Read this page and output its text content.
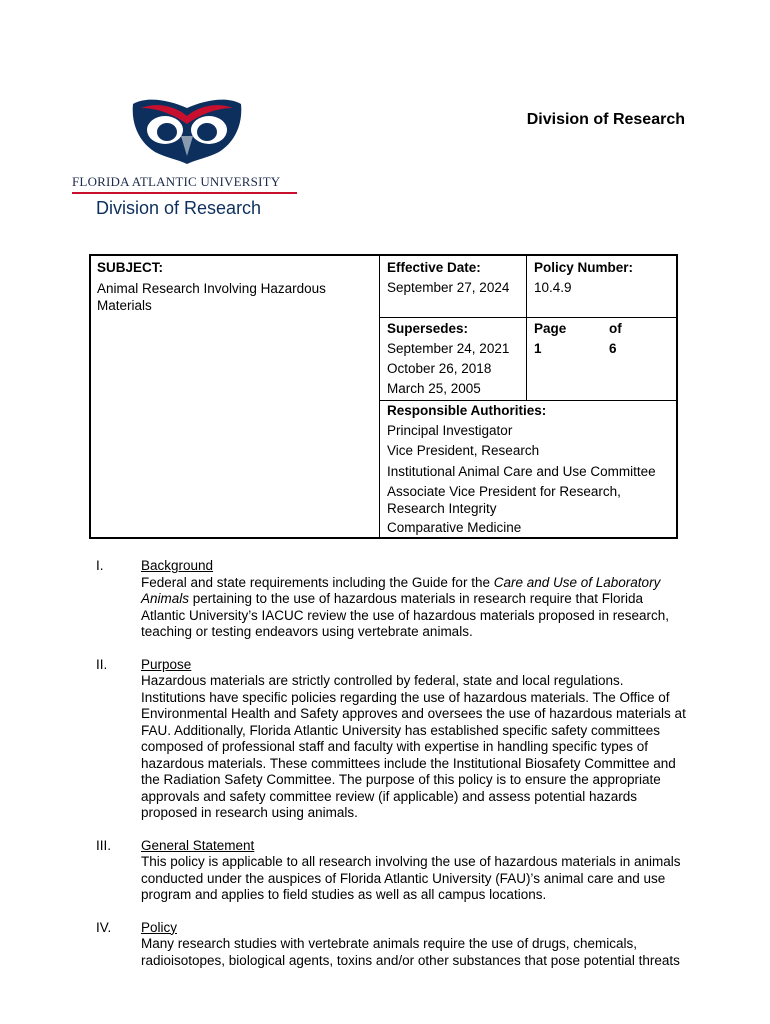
FLORIDA ATLANTIC UNIVERSITY
Division of Research
Division of Research
SUBJECT:
Animal Research Involving Hazardous Materials
Effective Date:
September 27, 2024
Policy Number:
10.4.9
Supersedes:
September 24, 2021
October 26, 2018
March 25, 2005
Page	of
1	6
Responsible Authorities:
Principal Investigator
Vice President, Research
Institutional Animal Care and Use Committee
Associate Vice President for Research, Research Integrity
Comparative Medicine
I.	Background

Federal and state requirements including the Guide for the Care and Use of Laboratory Animals pertaining to the use of hazardous materials in research require that Florida Atlantic University’s IACUC review the use of hazardous materials proposed in research, teaching or testing endeavors using vertebrate animals.

II. Purpose

Hazardous materials are strictly controlled by federal, state and local regulations. Institutions have specific policies regarding the use of hazardous materials. The Office of Environmental Health and Safety approves and oversees the use of hazardous materials at FAU. Additionally, Florida Atlantic University has established specific safety committees composed of professional staff and faculty with expertise in handling specific types of hazardous materials. These committees include the Institutional Biosafety Committee and the Radiation Safety Committee. The purpose of this policy is to ensure the appropriate approvals and safety committee review (if applicable) and assess potential hazards proposed in research using animals.

III. General Statement

This policy is applicable to all research involving the use of hazardous materials in animals conducted under the auspices of Florida Atlantic University (FAU)’s animal care and use program and applies to field studies as well as all campus locations.

IV. Policy

Many research studies with vertebrate animals require the use of drugs, chemicals, radioisotopes, biological agents, toxins and/or other substances that pose potential threats
